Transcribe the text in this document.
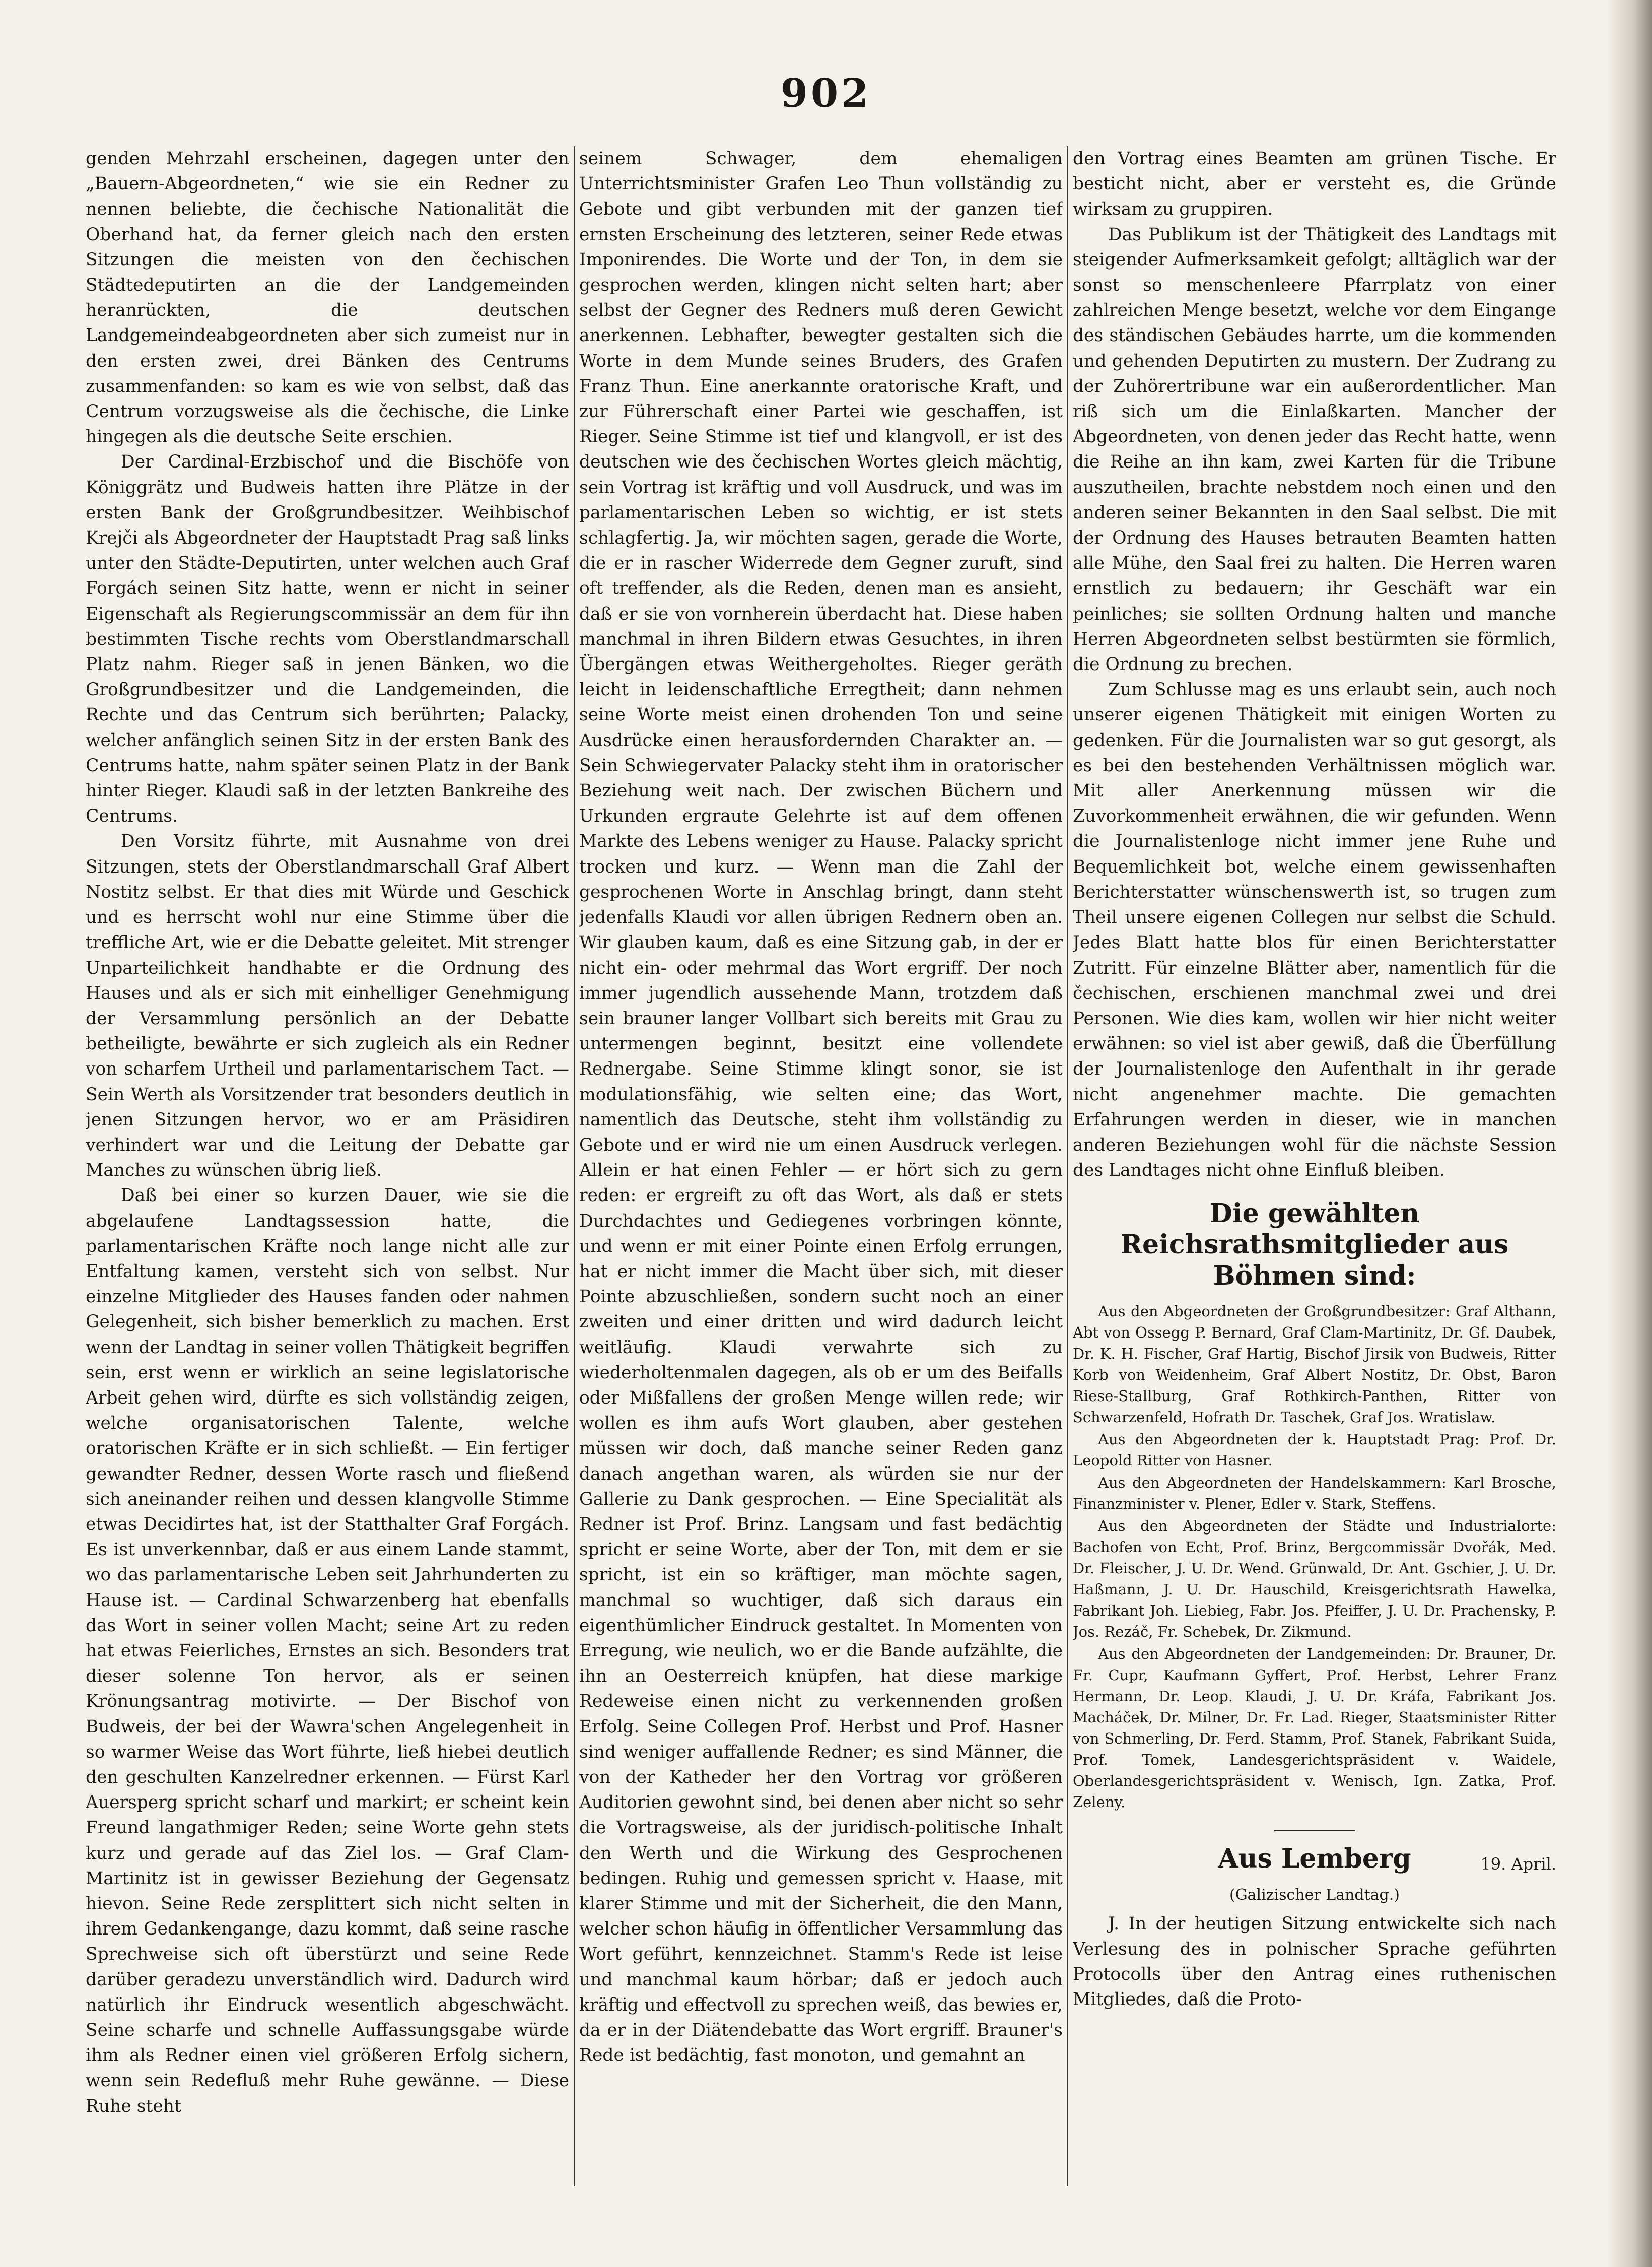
902

genden Mehrzahl erscheinen, dagegen unter den „Bauern-Abgeordneten,“ wie sie ein Redner zu nennen beliebte, die čechische Nationalität die Oberhand hat, da ferner gleich nach den ersten Sitzungen die meisten von den čechischen Städtedeputirten an die der Landgemeinden heranrückten, die deutschen Landgemeindeabgeordneten aber sich zumeist nur in den ersten zwei, drei Bänken des Centrums zusammenfanden: so kam es wie von selbst, daß das Centrum vorzugsweise als die čechische, die Linke hingegen als die deutsche Seite erschien.

Der Cardinal-Erzbischof und die Bischöfe von Königgrätz und Budweis hatten ihre Plätze in der ersten Bank der Großgrundbesitzer. Weihbischof Krejči als Abgeordneter der Hauptstadt Prag saß links unter den Städte-Deputirten, unter welchen auch Graf Forgách seinen Sitz hatte, wenn er nicht in seiner Eigenschaft als Regierungscommissär an dem für ihn bestimmten Tische rechts vom Oberstlandmarschall Platz nahm. Rieger saß in jenen Bänken, wo die Großgrundbesitzer und die Landgemeinden, die Rechte und das Centrum sich berührten; Palacky, welcher anfänglich seinen Sitz in der ersten Bank des Centrums hatte, nahm später seinen Platz in der Bank hinter Rieger. Klaudi saß in der letzten Bankreihe des Centrums.

Den Vorsitz führte, mit Ausnahme von drei Sitzungen, stets der Oberstlandmarschall Graf Albert Nostitz selbst. Er that dies mit Würde und Geschick und es herrscht wohl nur eine Stimme über die treffliche Art, wie er die Debatte geleitet. Mit strenger Unparteilichkeit handhabte er die Ordnung des Hauses und als er sich mit einhelliger Genehmigung der Versammlung persönlich an der Debatte betheiligte, bewährte er sich zugleich als ein Redner von scharfem Urtheil und parlamentarischem Tact. — Sein Werth als Vorsitzender trat besonders deutlich in jenen Sitzungen hervor, wo er am Präsidiren verhindert war und die Leitung der Debatte gar Manches zu wünschen übrig ließ.

Daß bei einer so kurzen Dauer, wie sie die abgelaufene Landtagssession hatte, die parlamentarischen Kräfte noch lange nicht alle zur Entfaltung kamen, versteht sich von selbst. Nur einzelne Mitglieder des Hauses fanden oder nahmen Gelegenheit, sich bisher bemerklich zu machen. Erst wenn der Landtag in seiner vollen Thätigkeit begriffen sein, erst wenn er wirklich an seine legislatorische Arbeit gehen wird, dürfte es sich vollständig zeigen, welche organisatorischen Talente, welche oratorischen Kräfte er in sich schließt. — Ein fertiger gewandter Redner, dessen Worte rasch und fließend sich aneinander reihen und dessen klangvolle Stimme etwas Decidirtes hat, ist der Statthalter Graf Forgách. Es ist unverkennbar, daß er aus einem Lande stammt, wo das parlamentarische Leben seit Jahrhunderten zu Hause ist. — Cardinal Schwarzenberg hat ebenfalls das Wort in seiner vollen Macht; seine Art zu reden hat etwas Feierliches, Ernstes an sich. Besonders trat dieser solenne Ton hervor, als er seinen Krönungsantrag motivirte. — Der Bischof von Budweis, der bei der Wawra'schen Angelegenheit in so warmer Weise das Wort führte, ließ hiebei deutlich den geschulten Kanzelredner erkennen. — Fürst Karl Auersperg spricht scharf und markirt; er scheint kein Freund langathmiger Reden; seine Worte gehn stets kurz und gerade auf das Ziel los. — Graf Clam-Martinitz ist in gewisser Beziehung der Gegensatz hievon. Seine Rede zersplittert sich nicht selten in ihrem Gedankengange, dazu kommt, daß seine rasche Sprechweise sich oft überstürzt und seine Rede darüber geradezu unverständlich wird. Dadurch wird natürlich ihr Eindruck wesentlich abgeschwächt. Seine scharfe und schnelle Auffassungsgabe würde ihm als Redner einen viel größeren Erfolg sichern, wenn sein Redefluß mehr Ruhe gewänne. — Diese Ruhe steht

seinem Schwager, dem ehemaligen Unterrichtsminister Grafen Leo Thun vollständig zu Gebote und gibt verbunden mit der ganzen tief ernsten Erscheinung des letzteren, seiner Rede etwas Imponirendes. Die Worte und der Ton, in dem sie gesprochen werden, klingen nicht selten hart; aber selbst der Gegner des Redners muß deren Gewicht anerkennen. Lebhafter, bewegter gestalten sich die Worte in dem Munde seines Bruders, des Grafen Franz Thun. Eine anerkannte oratorische Kraft, und zur Führerschaft einer Partei wie geschaffen, ist Rieger. Seine Stimme ist tief und klangvoll, er ist des deutschen wie des čechischen Wortes gleich mächtig, sein Vortrag ist kräftig und voll Ausdruck, und was im parlamentarischen Leben so wichtig, er ist stets schlagfertig. Ja, wir möchten sagen, gerade die Worte, die er in rascher Widerrede dem Gegner zuruft, sind oft treffender, als die Reden, denen man es ansieht, daß er sie von vornherein überdacht hat. Diese haben manchmal in ihren Bildern etwas Gesuchtes, in ihren Übergängen etwas Weithergeholtes. Rieger geräth leicht in leidenschaftliche Erregtheit; dann nehmen seine Worte meist einen drohenden Ton und seine Ausdrücke einen herausfordernden Charakter an. — Sein Schwiegervater Palacky steht ihm in oratorischer Beziehung weit nach. Der zwischen Büchern und Urkunden ergraute Gelehrte ist auf dem offenen Markte des Lebens weniger zu Hause. Palacky spricht trocken und kurz. — Wenn man die Zahl der gesprochenen Worte in Anschlag bringt, dann steht jedenfalls Klaudi vor allen übrigen Rednern oben an. Wir glauben kaum, daß es eine Sitzung gab, in der er nicht ein- oder mehrmal das Wort ergriff. Der noch immer jugendlich aussehende Mann, trotzdem daß sein brauner langer Vollbart sich bereits mit Grau zu untermengen beginnt, besitzt eine vollendete Rednergabe. Seine Stimme klingt sonor, sie ist modulationsfähig, wie selten eine; das Wort, namentlich das Deutsche, steht ihm vollständig zu Gebote und er wird nie um einen Ausdruck verlegen. Allein er hat einen Fehler — er hört sich zu gern reden: er ergreift zu oft das Wort, als daß er stets Durchdachtes und Gediegenes vorbringen könnte, und wenn er mit einer Pointe einen Erfolg errungen, hat er nicht immer die Macht über sich, mit dieser Pointe abzuschließen, sondern sucht noch an einer zweiten und einer dritten und wird dadurch leicht weitläufig. Klaudi verwahrte sich zu wiederholtenmalen dagegen, als ob er um des Beifalls oder Mißfallens der großen Menge willen rede; wir wollen es ihm aufs Wort glauben, aber gestehen müssen wir doch, daß manche seiner Reden ganz danach angethan waren, als würden sie nur der Gallerie zu Dank gesprochen. — Eine Specialität als Redner ist Prof. Brinz. Langsam und fast bedächtig spricht er seine Worte, aber der Ton, mit dem er sie spricht, ist ein so kräftiger, man möchte sagen, manchmal so wuchtiger, daß sich daraus ein eigenthümlicher Eindruck gestaltet. In Momenten von Erregung, wie neulich, wo er die Bande aufzählte, die ihn an Oesterreich knüpfen, hat diese markige Redeweise einen nicht zu verkennenden großen Erfolg. Seine Collegen Prof. Herbst und Prof. Hasner sind weniger auffallende Redner; es sind Männer, die von der Katheder her den Vortrag vor größeren Auditorien gewohnt sind, bei denen aber nicht so sehr die Vortragsweise, als der juridisch-politische Inhalt den Werth und die Wirkung des Gesprochenen bedingen. Ruhig und gemessen spricht v. Haase, mit klarer Stimme und mit der Sicherheit, die den Mann, welcher schon häufig in öffentlicher Versammlung das Wort geführt, kennzeichnet. Stamm's Rede ist leise und manchmal kaum hörbar; daß er jedoch auch kräftig und effectvoll zu sprechen weiß, das bewies er, da er in der Diätendebatte das Wort ergriff. Brauner's Rede ist bedächtig, fast monoton, und gemahnt an

den Vortrag eines Beamten am grünen Tische. Er besticht nicht, aber er versteht es, die Gründe wirksam zu gruppiren.

Das Publikum ist der Thätigkeit des Landtags mit steigender Aufmerksamkeit gefolgt; alltäglich war der sonst so menschenleere Pfarrplatz von einer zahlreichen Menge besetzt, welche vor dem Eingange des ständischen Gebäudes harrte, um die kommenden und gehenden Deputirten zu mustern. Der Zudrang zu der Zuhörertribune war ein außerordentlicher. Man riß sich um die Einlaßkarten. Mancher der Abgeordneten, von denen jeder das Recht hatte, wenn die Reihe an ihn kam, zwei Karten für die Tribune auszutheilen, brachte nebstdem noch einen und den anderen seiner Bekannten in den Saal selbst. Die mit der Ordnung des Hauses betrauten Beamten hatten alle Mühe, den Saal frei zu halten. Die Herren waren ernstlich zu bedauern; ihr Geschäft war ein peinliches; sie sollten Ordnung halten und manche Herren Abgeordneten selbst bestürmten sie förmlich, die Ordnung zu brechen.

Zum Schlusse mag es uns erlaubt sein, auch noch unserer eigenen Thätigkeit mit einigen Worten zu gedenken. Für die Journalisten war so gut gesorgt, als es bei den bestehenden Verhältnissen möglich war. Mit aller Anerkennung müssen wir die Zuvorkommenheit erwähnen, die wir gefunden. Wenn die Journalistenloge nicht immer jene Ruhe und Bequemlichkeit bot, welche einem gewissenhaften Berichterstatter wünschenswerth ist, so trugen zum Theil unsere eigenen Collegen nur selbst die Schuld. Jedes Blatt hatte blos für einen Berichterstatter Zutritt. Für einzelne Blätter aber, namentlich für die čechischen, erschienen manchmal zwei und drei Personen. Wie dies kam, wollen wir hier nicht weiter erwähnen: so viel ist aber gewiß, daß die Überfüllung der Journalistenloge den Aufenthalt in ihr gerade nicht angenehmer machte. Die gemachten Erfahrungen werden in dieser, wie in manchen anderen Beziehungen wohl für die nächste Session des Landtages nicht ohne Einfluß bleiben.

Die gewählten Reichsrathsmitglieder aus Böhmen sind:

Aus den Abgeordneten der Großgrundbesitzer: Graf Althann, Abt von Ossegg P. Bernard, Graf Clam-Martinitz, Dr. Gf. Daubek, Dr. K. H. Fischer, Graf Hartig, Bischof Jirsik von Budweis, Ritter Korb von Weidenheim, Graf Albert Nostitz, Dr. Obst, Baron Riese-Stallburg, Graf Rothkirch-Panthen, Ritter von Schwarzenfeld, Hofrath Dr. Taschek, Graf Jos. Wratislaw.

Aus den Abgeordneten der k. Hauptstadt Prag: Prof. Dr. Leopold Ritter von Hasner.

Aus den Abgeordneten der Handelskammern: Karl Brosche, Finanzminister v. Plener, Edler v. Stark, Steffens.

Aus den Abgeordneten der Städte und Industrialorte: Bachofen von Echt, Prof. Brinz, Bergcommissär Dvořák, Med. Dr. Fleischer, J. U. Dr. Wend. Grünwald, Dr. Ant. Gschier, J. U. Dr. Haßmann, J. U. Dr. Hauschild, Kreisgerichtsrath Hawelka, Fabrikant Joh. Liebieg, Fabr. Jos. Pfeiffer, J. U. Dr. Prachensky, P. Jos. Rezáč, Fr. Schebek, Dr. Zikmund.

Aus den Abgeordneten der Landgemeinden: Dr. Brauner, Dr. Fr. Cupr, Kaufmann Gyffert, Prof. Herbst, Lehrer Franz Hermann, Dr. Leop. Klaudi, J. U. Dr. Kráfa, Fabrikant Jos. Macháček, Dr. Milner, Dr. Fr. Lad. Rieger, Staatsminister Ritter von Schmerling, Dr. Ferd. Stamm, Prof. Stanek, Fabrikant Suida, Prof. Tomek, Landesgerichtspräsident v. Waidele, Oberlandesgerichtspräsident v. Wenisch, Ign. Zatka, Prof. Zeleny.

Aus Lemberg	19. April.
(Galizischer Landtag.)

J. In der heutigen Sitzung entwickelte sich nach Verlesung des in polnischer Sprache geführten Protocolls über den Antrag eines ruthenischen Mitgliedes, daß die Proto-
